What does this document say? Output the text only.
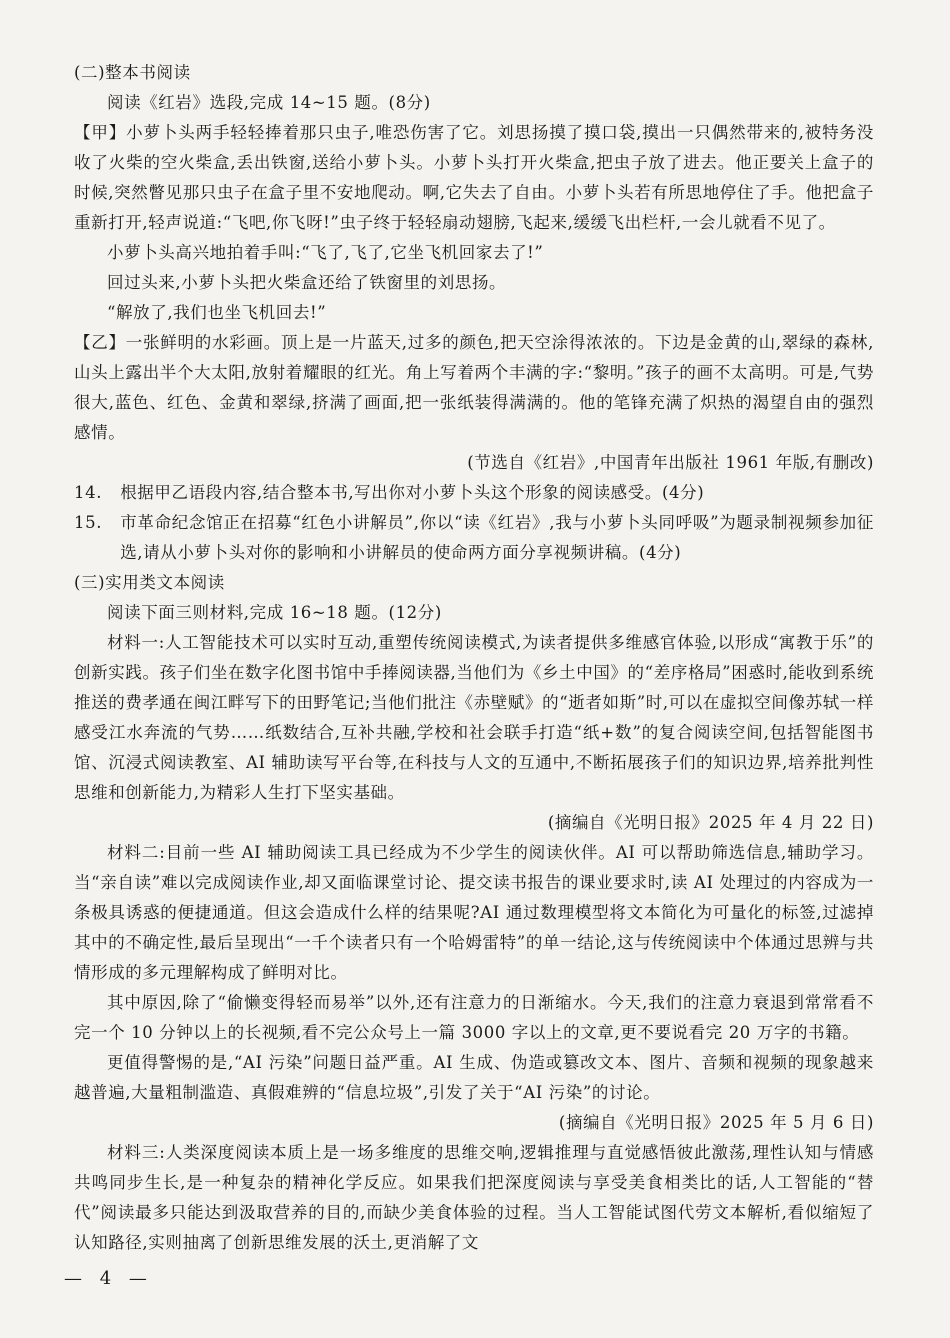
(二)整本书阅读

阅读《红岩》选段,完成 14~15 题。(8分)

【甲】小萝卜头两手轻轻捧着那只虫子,唯恐伤害了它。刘思扬摸了摸口袋,摸出一只偶然带来的,被特务没收了火柴的空火柴盒,丢出铁窗,送给小萝卜头。小萝卜头打开火柴盒,把虫子放了进去。他正要关上盒子的时候,突然瞥见那只虫子在盒子里不安地爬动。啊,它失去了自由。小萝卜头若有所思地停住了手。他把盒子重新打开,轻声说道:“飞吧,你飞呀!”虫子终于轻轻扇动翅膀,飞起来,缓缓飞出栏杆,一会儿就看不见了。

小萝卜头高兴地拍着手叫:“飞了,飞了,它坐飞机回家去了!”

回过头来,小萝卜头把火柴盒还给了铁窗里的刘思扬。

“解放了,我们也坐飞机回去!”

【乙】一张鲜明的水彩画。顶上是一片蓝天,过多的颜色,把天空涂得浓浓的。下边是金黄的山,翠绿的森林,山头上露出半个大太阳,放射着耀眼的红光。角上写着两个丰满的字:“黎明。”孩子的画不太高明。可是,气势很大,蓝色、红色、金黄和翠绿,挤满了画面,把一张纸装得满满的。他的笔锋充满了炽热的渴望自由的强烈感情。

(节选自《红岩》,中国青年出版社 1961 年版,有删改)

14. 根据甲乙语段内容,结合整本书,写出你对小萝卜头这个形象的阅读感受。(4分)

15. 市革命纪念馆正在招募“红色小讲解员”,你以“读《红岩》,我与小萝卜头同呼吸”为题录制视频参加征选,请从小萝卜头对你的影响和小讲解员的使命两方面分享视频讲稿。(4分)

(三)实用类文本阅读

阅读下面三则材料,完成 16~18 题。(12分)

材料一:人工智能技术可以实时互动,重塑传统阅读模式,为读者提供多维感官体验,以形成“寓教于乐”的创新实践。孩子们坐在数字化图书馆中手捧阅读器,当他们为《乡土中国》的“差序格局”困惑时,能收到系统推送的费孝通在闽江畔写下的田野笔记;当他们批注《赤壁赋》的“逝者如斯”时,可以在虚拟空间像苏轼一样感受江水奔流的气势……纸数结合,互补共融,学校和社会联手打造“纸+数”的复合阅读空间,包括智能图书馆、沉浸式阅读教室、AI 辅助读写平台等,在科技与人文的互通中,不断拓展孩子们的知识边界,培养批判性思维和创新能力,为精彩人生打下坚实基础。

(摘编自《光明日报》2025 年 4 月 22 日)

材料二:目前一些 AI 辅助阅读工具已经成为不少学生的阅读伙伴。AI 可以帮助筛选信息,辅助学习。当“亲自读”难以完成阅读作业,却又面临课堂讨论、提交读书报告的课业要求时,读 AI 处理过的内容成为一条极具诱惑的便捷通道。但这会造成什么样的结果呢?AI 通过数理模型将文本简化为可量化的标签,过滤掉其中的不确定性,最后呈现出“一千个读者只有一个哈姆雷特”的单一结论,这与传统阅读中个体通过思辨与共情形成的多元理解构成了鲜明对比。

其中原因,除了“偷懒变得轻而易举”以外,还有注意力的日渐缩水。今天,我们的注意力衰退到常常看不完一个 10 分钟以上的长视频,看不完公众号上一篇 3000 字以上的文章,更不要说看完 20 万字的书籍。

更值得警惕的是,“AI 污染”问题日益严重。AI 生成、伪造或篡改文本、图片、音频和视频的现象越来越普遍,大量粗制滥造、真假难辨的“信息垃圾”,引发了关于“AI 污染”的讨论。

(摘编自《光明日报》2025 年 5 月 6 日)

材料三:人类深度阅读本质上是一场多维度的思维交响,逻辑推理与直觉感悟彼此激荡,理性认知与情感共鸣同步生长,是一种复杂的精神化学反应。如果我们把深度阅读与享受美食相类比的话,人工智能的“替代”阅读最多只能达到汲取营养的目的,而缺少美食体验的过程。当人工智能试图代劳文本解析,看似缩短了认知路径,实则抽离了创新思维发展的沃土,更消解了文

— 4 —
